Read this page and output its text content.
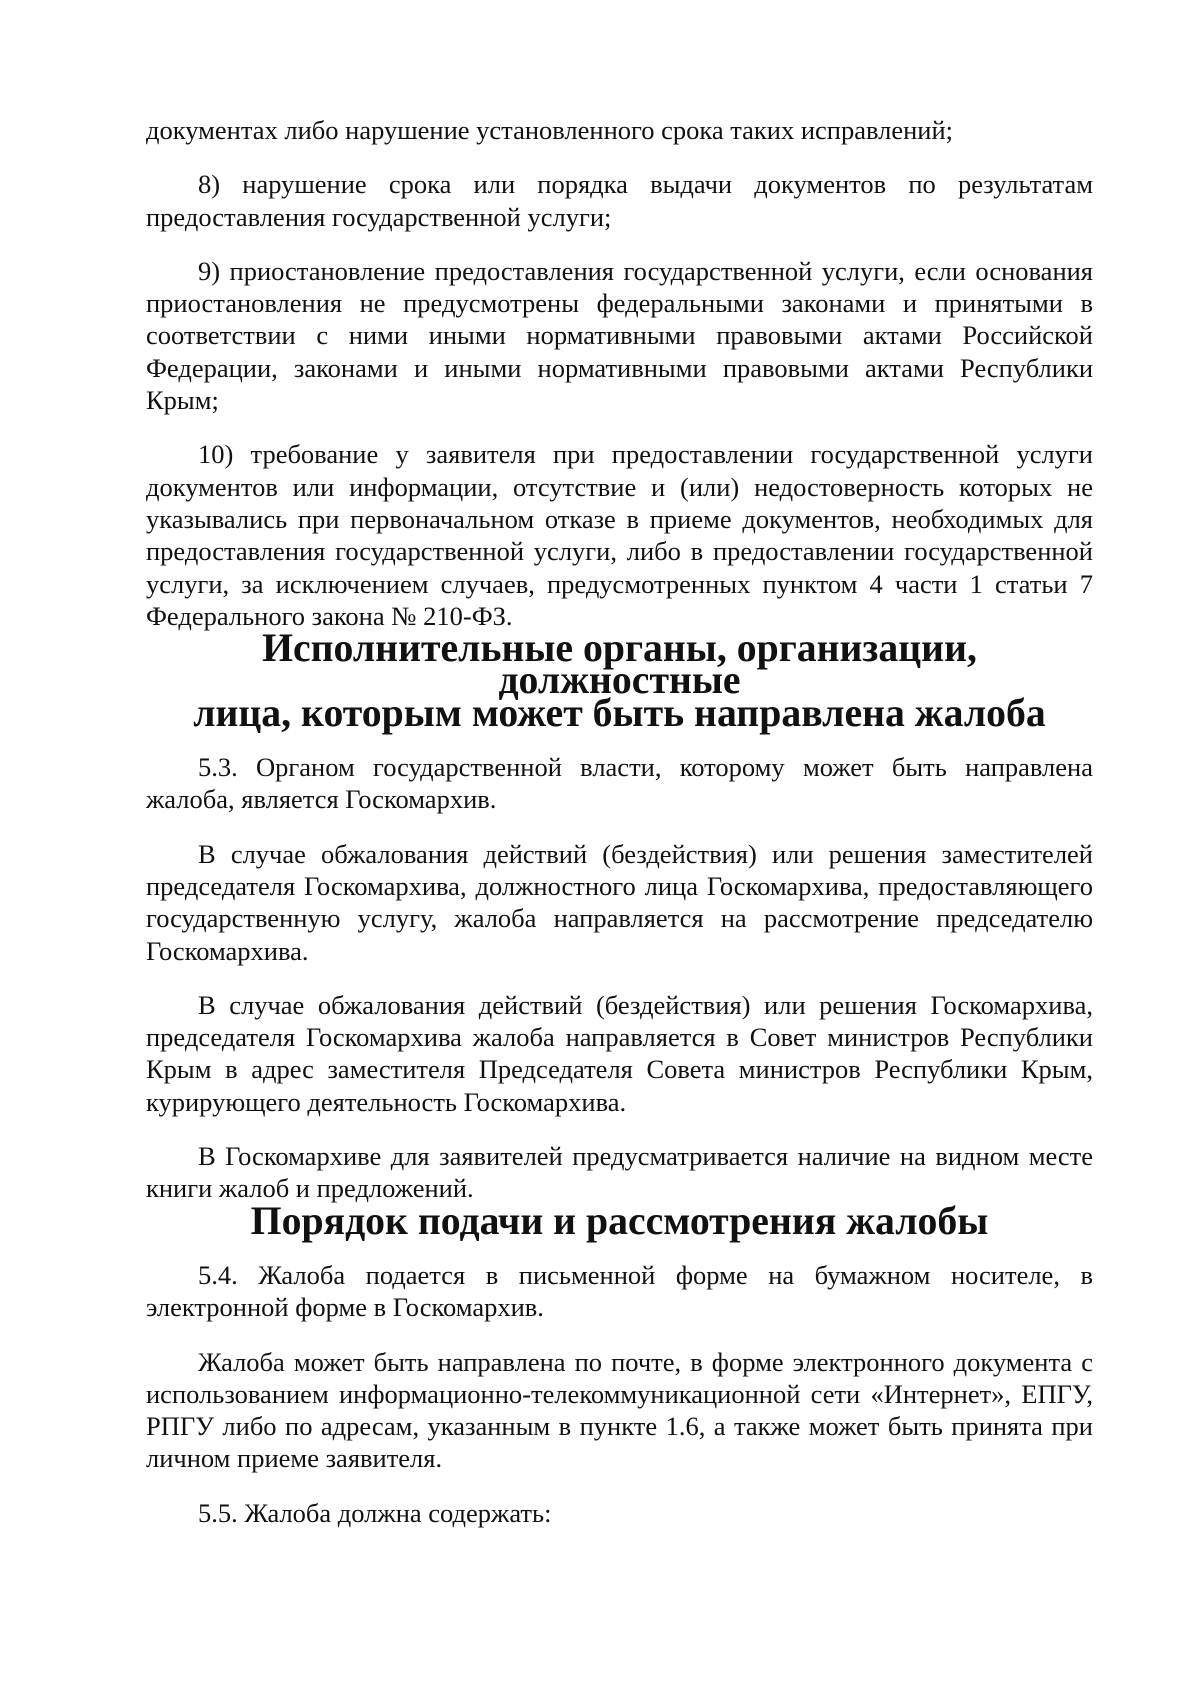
документах либо нарушение установленного срока таких исправлений;

8) нарушение срока или порядка выдачи документов по результатам предоставления государственной услуги;

9) приостановление предоставления государственной услуги, если основания приостановления не предусмотрены федеральными законами и принятыми в соответствии с ними иными нормативными правовыми актами Российской Федерации, законами и иными нормативными правовыми актами Республики Крым;

10) требование у заявителя при предоставлении государственной услуги документов или информации, отсутствие и (или) недостоверность которых не указывались при первоначальном отказе в приеме документов, необходимых для предоставления государственной услуги, либо в предоставлении государственной услуги, за исключением случаев, предусмотренных пунктом 4 части 1 статьи 7 Федерального закона № 210-ФЗ.

Исполнительные органы, организации, должностные
лица, которым может быть направлена жалоба

5.3. Органом государственной власти, которому может быть направлена жалоба, является Госкомархив.

В случае обжалования действий (бездействия) или решения заместителей председателя Госкомархива, должностного лица Госкомархива, предоставляющего государственную услугу, жалоба направляется на рассмотрение председателю Госкомархива.

В случае обжалования действий (бездействия) или решения Госкомархива, председателя Госкомархива жалоба направляется в Совет министров Республики Крым в адрес заместителя Председателя Совета министров Республики Крым, курирующего деятельность Госкомархива.

В Госкомархиве для заявителей предусматривается наличие на видном месте книги жалоб и предложений.

Порядок подачи и рассмотрения жалобы

5.4. Жалоба подается в письменной форме на бумажном носителе, в электронной форме в Госкомархив.

Жалоба может быть направлена по почте, в форме электронного документа с использованием информационно-телекоммуникационной сети «Интернет», ЕПГУ, РПГУ либо по адресам, указанным в пункте 1.6, а также может быть принята при личном приеме заявителя.

5.5. Жалоба должна содержать:
